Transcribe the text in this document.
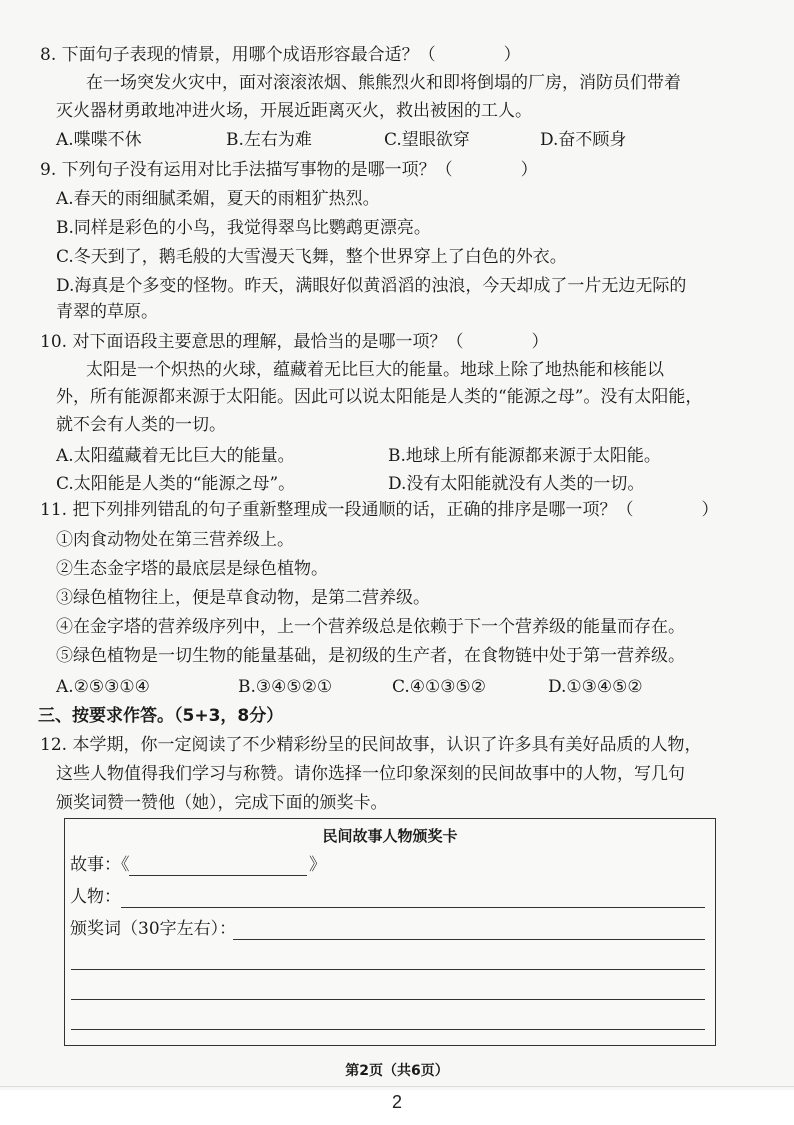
8. 下面句子表现的情景，用哪个成语形容最合适？（　　　　）
在一场突发火灾中，面对滚滚浓烟、熊熊烈火和即将倒塌的厂房，消防员们带着
灭火器材勇敢地冲进火场，开展近距离灭火，救出被困的工人。
A.喋喋不休	B.左右为难	C.望眼欲穿	D.奋不顾身
9. 下列句子没有运用对比手法描写事物的是哪一项？（　　　　）
A.春天的雨细腻柔媚，夏天的雨粗犷热烈。
B.同样是彩色的小鸟，我觉得翠鸟比鹦鹉更漂亮。
C.冬天到了，鹅毛般的大雪漫天飞舞，整个世界穿上了白色的外衣。
D.海真是个多变的怪物。昨天，满眼好似黄滔滔的浊浪，今天却成了一片无边无际的
青翠的草原。
10. 对下面语段主要意思的理解，最恰当的是哪一项？（　　　　）
太阳是一个炽热的火球，蕴藏着无比巨大的能量。地球上除了地热能和核能以
外，所有能源都来源于太阳能。因此可以说太阳能是人类的“能源之母”。没有太阳能，
就不会有人类的一切。
A.太阳蕴藏着无比巨大的能量。	B.地球上所有能源都来源于太阳能。
C.太阳能是人类的“能源之母”。	D.没有太阳能就没有人类的一切。
11. 把下列排列错乱的句子重新整理成一段通顺的话，正确的排序是哪一项？（　　　　）
①肉食动物处在第三营养级上。
②生态金字塔的最底层是绿色植物。
③绿色植物往上，便是草食动物，是第二营养级。
④在金字塔的营养级序列中，上一个营养级总是依赖于下一个营养级的能量而存在。
⑤绿色植物是一切生物的能量基础，是初级的生产者，在食物链中处于第一营养级。
A.②⑤③①④	B.③④⑤②①	C.④①③⑤②	D.①③④⑤②
三、按要求作答。（5+3，8分）
12. 本学期，你一定阅读了不少精彩纷呈的民间故事，认识了许多具有美好品质的人物，
这些人物值得我们学习与称赞。请你选择一位印象深刻的民间故事中的人物，写几句
颁奖词赞一赞他（她），完成下面的颁奖卡。
民间故事人物颁奖卡
故事：《	》
人物：
颁奖词（30字左右）：
第2页（共6页）
2
